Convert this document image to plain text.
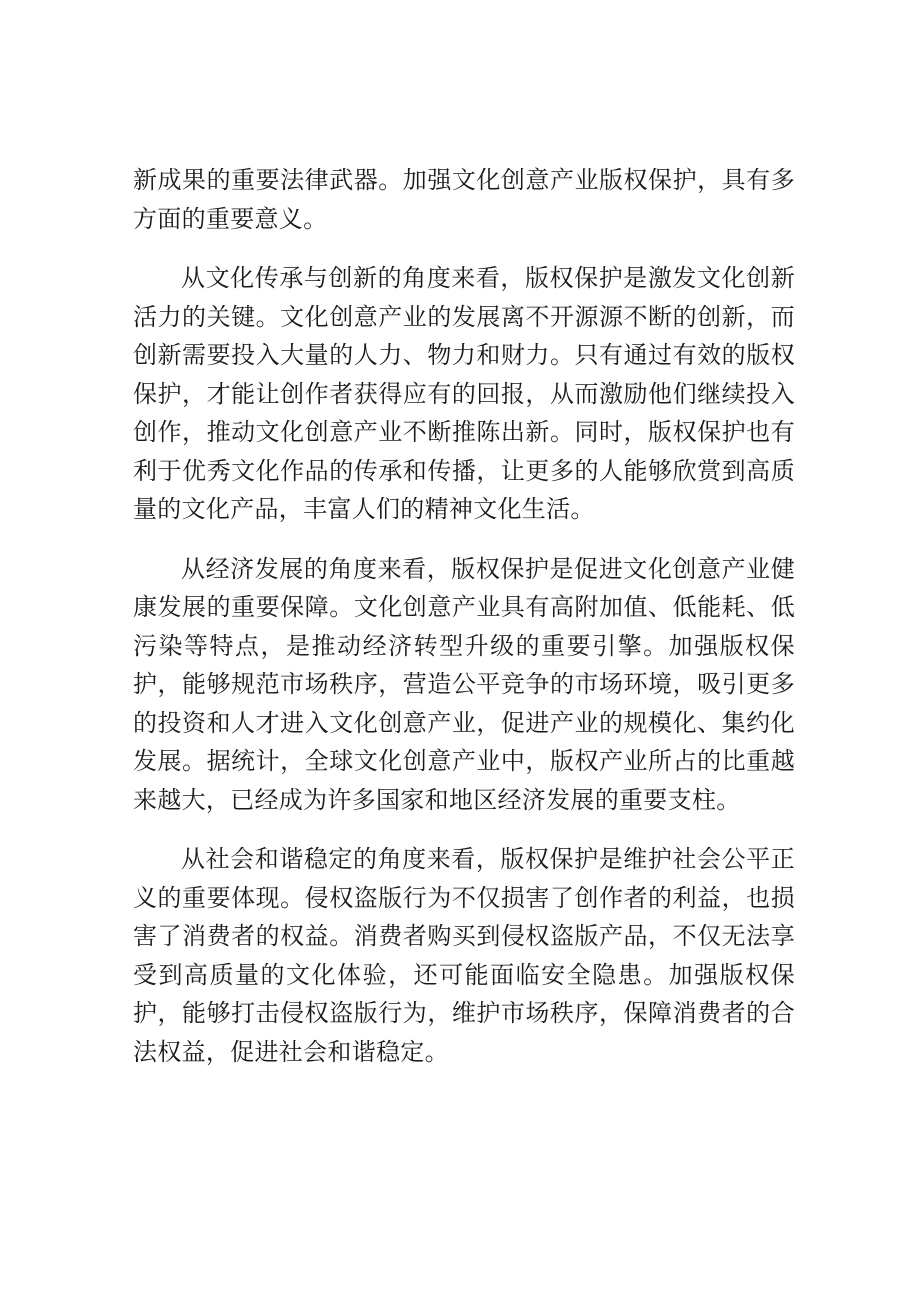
新成果的重要法律武器。加强文化创意产业版权保护，具有多方面的重要意义。

从文化传承与创新的角度来看，版权保护是激发文化创新活力的关键。文化创意产业的发展离不开源源不断的创新，而创新需要投入大量的人力、物力和财力。只有通过有效的版权保护，才能让创作者获得应有的回报，从而激励他们继续投入创作，推动文化创意产业不断推陈出新。同时，版权保护也有利于优秀文化作品的传承和传播，让更多的人能够欣赏到高质量的文化产品，丰富人们的精神文化生活。

从经济发展的角度来看，版权保护是促进文化创意产业健康发展的重要保障。文化创意产业具有高附加值、低能耗、低污染等特点，是推动经济转型升级的重要引擎。加强版权保护，能够规范市场秩序，营造公平竞争的市场环境，吸引更多的投资和人才进入文化创意产业，促进产业的规模化、集约化发展。据统计，全球文化创意产业中，版权产业所占的比重越来越大，已经成为许多国家和地区经济发展的重要支柱。

从社会和谐稳定的角度来看，版权保护是维护社会公平正义的重要体现。侵权盗版行为不仅损害了创作者的利益，也损害了消费者的权益。消费者购买到侵权盗版产品，不仅无法享受到高质量的文化体验，还可能面临安全隐患。加强版权保护，能够打击侵权盗版行为，维护市场秩序，保障消费者的合法权益，促进社会和谐稳定。
